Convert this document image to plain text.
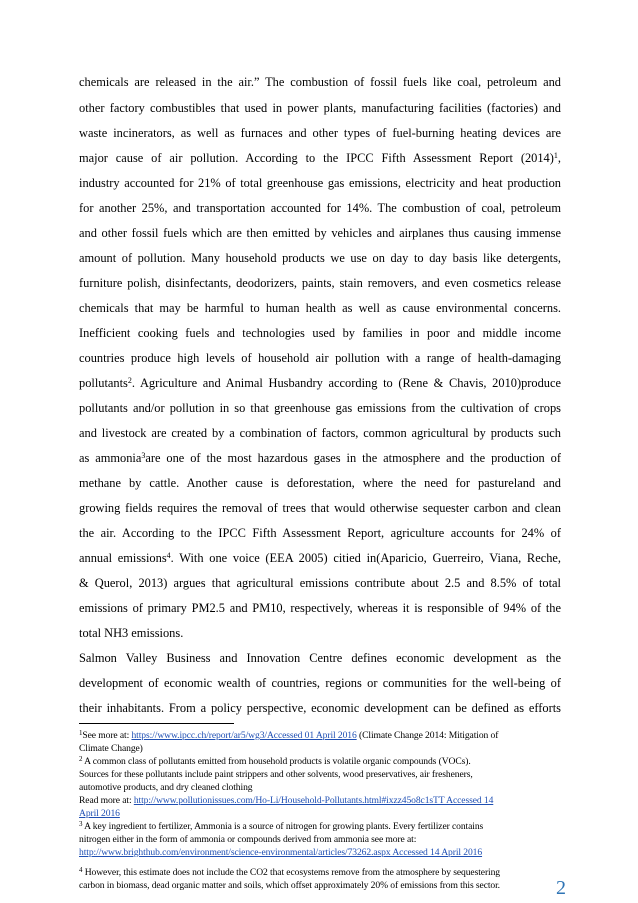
chemicals are released in the air.” The combustion of fossil fuels like coal, petroleum and
other factory combustibles that used in power plants, manufacturing facilities (factories) and
waste incinerators, as well as furnaces and other types of fuel-burning heating devices are
major cause of air pollution. According to the IPCC Fifth Assessment Report $(2014)^1$,
industry accounted for 21% of total greenhouse gas emissions, electricity and heat production
for another 25%, and transportation accounted for 14%. The combustion of coal, petroleum
and other fossil fuels which are then emitted by vehicles and airplanes thus causing immense
amount of pollution. Many household products we use on day to day basis like detergents,
furniture polish, disinfectants, deodorizers, paints, stain removers, and even cosmetics release
chemicals that may be harmful to human health as well as cause environmental concerns.
Inefficient cooking fuels and technologies used by families in poor and middle income
countries produce high levels of household air pollution with a range of health-damaging
pollutants$^2$. Agriculture and Animal Husbandry according to (Rene & Chavis, 2010)produce
pollutants and/or pollution in so that greenhouse gas emissions from the cultivation of crops
and livestock are created by a combination of factors, common agricultural by products such
as ammonia$^3$are one of the most hazardous gases in the atmosphere and the production of
methane by cattle. Another cause is deforestation, where the need for pastureland and
growing fields requires the removal of trees that would otherwise sequester carbon and clean
the air. According to the IPCC Fifth Assessment Report, agriculture accounts for 24% of
annual emissions$^4$. With one voice (EEA 2005) citied in(Aparicio, Guerreiro, Viana, Reche,
& Querol, 2013) argues that agricultural emissions contribute about 2.5 and 8.5% of total
emissions of primary PM2.5 and PM10, respectively, whereas it is responsible of 94% of the
total NH3 emissions.
Salmon Valley Business and Innovation Centre defines economic development as the
development of economic wealth of countries, regions or communities for the well-being of
their inhabitants. From a policy perspective, economic development can be defined as efforts
$^1$See more at: https://www.ipcc.ch/report/ar5/wg3/Accessed 01 April 2016 (Climate Change 2014: Mitigation of
Climate Change)
$^2$ A common class of pollutants emitted from household products is volatile organic compounds (VOCs).
Sources for these pollutants include paint strippers and other solvents, wood preservatives, air fresheners,
automotive products, and dry cleaned clothing
Read more at: http://www.pollutionissues.com/Ho-Li/Household-Pollutants.html#ixzz45o8c1sTT Accessed 14
April 2016
$^3$ A key ingredient to fertilizer, Ammonia is a source of nitrogen for growing plants. Every fertilizer contains
nitrogen either in the form of ammonia or compounds derived from ammonia see more at:
http://www.brighthub.com/environment/science-environmental/articles/73262.aspx Accessed 14 April 2016
$^4$ However, this estimate does not include the CO2 that ecosystems remove from the atmosphere by sequestering
carbon in biomass, dead organic matter and soils, which offset approximately 20% of emissions from this sector.	2
